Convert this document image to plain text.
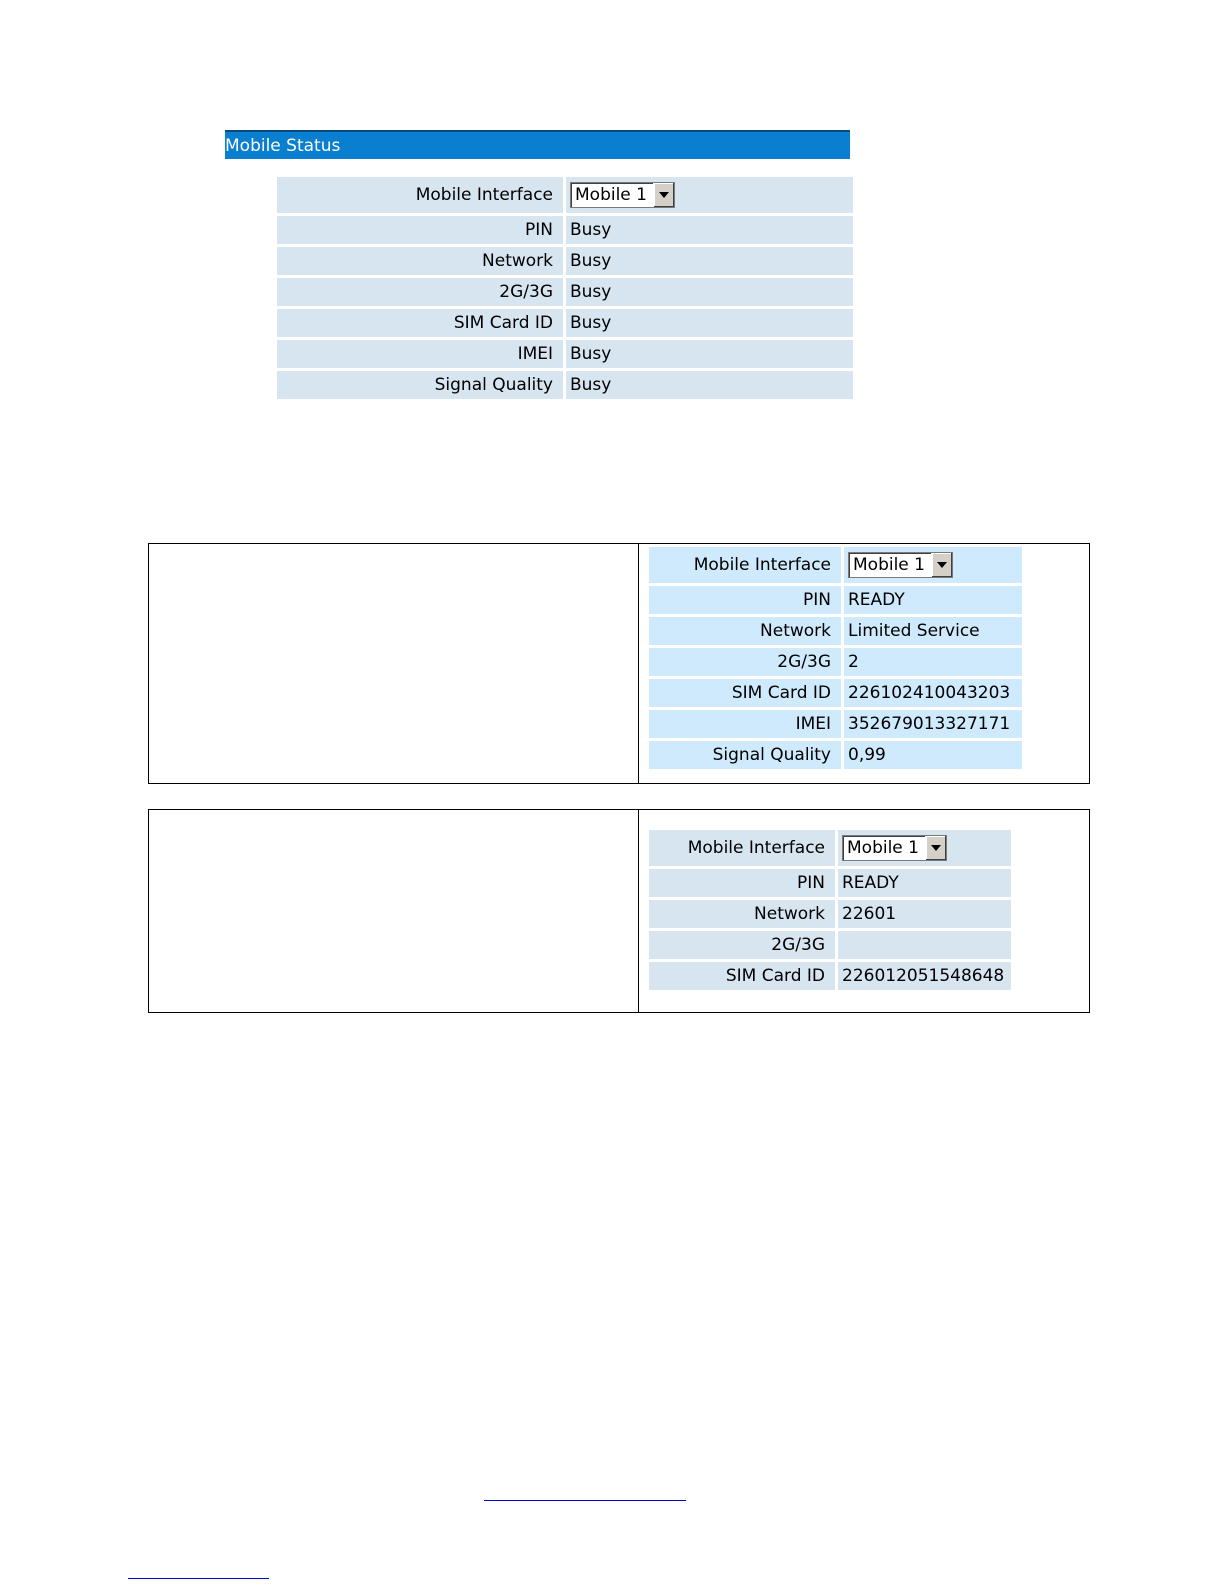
Mobile Status
Mobile Interface	Mobile 1

PIN	Busy

Network	Busy

2G/3G	Busy

SIM Card ID	Busy

IMEI	Busy

Signal Quality	Busy
Mobile Interface	Mobile 1

PIN	READY

Network	Limited Service

2G/3G	2

SIM Card ID	226102410043203

IMEI	352679013327171

Signal Quality	0,99
Mobile Interface	Mobile 1

PIN	READY

Network	22601

2G/3G	

SIM Card ID	226012051548648
